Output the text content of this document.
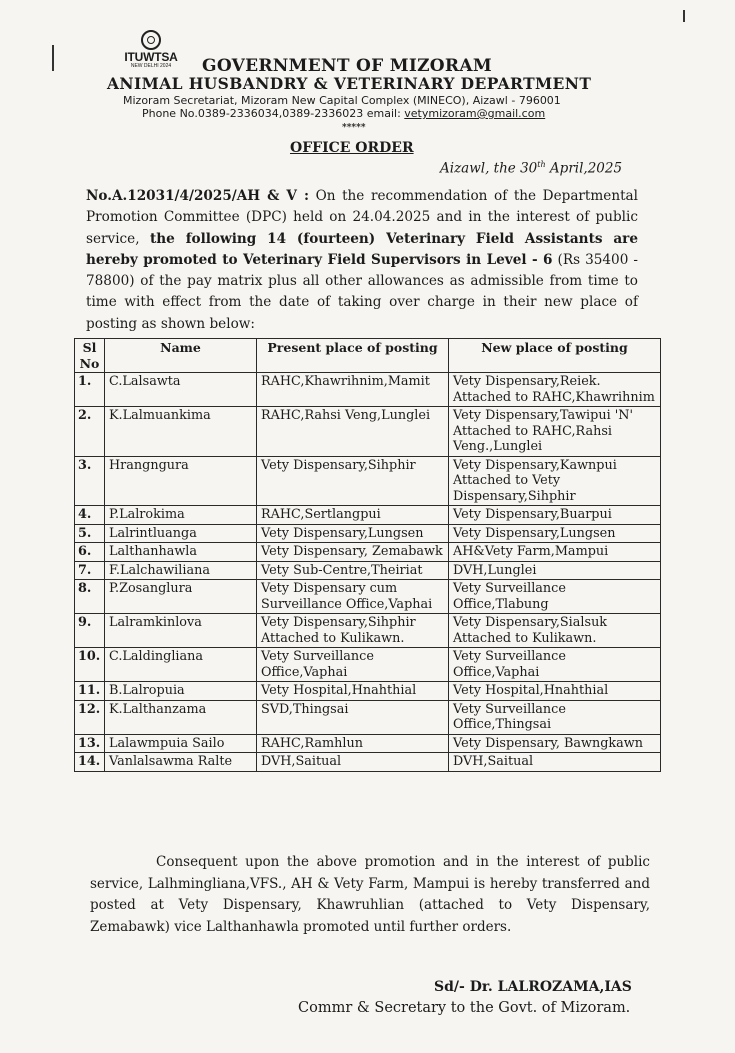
ITUWTSA
NEW DELHI 2024	GOVERNMENT OF MIZORAM
ANIMAL HUSBANDRY & VETERINARY DEPARTMENT
Mizoram Secretariat, Mizoram New Capital Complex (MINECO), Aizawl - 796001
Phone No.0389-2336034,0389-2336023 email: vetymizoram@gmail.com
*****
OFFICE ORDER
Aizawl, the 30th April,2025
No.A.12031/4/2025/AH & V : On the recommendation of the Departmental Promotion Committee (DPC) held on 24.04.2025 and in the interest of public service, the following 14 (fourteen) Veterinary Field Assistants are hereby promoted to Veterinary Field Supervisors in Level - 6 (Rs 35400 - 78800) of the pay matrix plus all other allowances as admissible from time to time with effect from the date of taking over charge in their new place of posting as shown below:
Sl No	Name	Present place of posting	New place of posting
1.	C.Lalsawta	RAHC,Khawrihnim,Mamit	Vety Dispensary,Reiek. Attached to RAHC,Khawrihnim
2.	K.Lalmuankima	RAHC,Rahsi Veng,Lunglei	Vety Dispensary,Tawipui 'N' Attached to RAHC,Rahsi Veng.,Lunglei
3.	Hrangngura	Vety Dispensary,Sihphir	Vety Dispensary,Kawnpui Attached to Vety Dispensary,Sihphir
4.	P.Lalrokima	RAHC,Sertlangpui	Vety Dispensary,Buarpui
5.	Lalrintluanga	Vety Dispensary,Lungsen	Vety Dispensary,Lungsen
6.	Lalthanhawla	Vety Dispensary, Zemabawk	AH&Vety Farm,Mampui
7.	F.Lalchawiliana	Vety Sub-Centre,Theiriat	DVH,Lunglei
8.	P.Zosanglura	Vety Dispensary cum Surveillance Office,Vaphai	Vety Surveillance Office,Tlabung
9.	Lalramkinlova	Vety Dispensary,Sihphir Attached to Kulikawn.	Vety Dispensary,Sialsuk Attached to Kulikawn.
10.	C.Laldingliana	Vety Surveillance Office,Vaphai	Vety Surveillance Office,Vaphai
11.	B.Lalropuia	Vety Hospital,Hnahthial	Vety Hospital,Hnahthial
12.	K.Lalthanzama	SVD,Thingsai	Vety Surveillance Office,Thingsai
13.	Lalawmpuia Sailo	RAHC,Ramhlun	Vety Dispensary, Bawngkawn
14.	Vanlalsawma Ralte	DVH,Saitual	DVH,Saitual
Consequent upon the above promotion and in the interest of public service, Lalhmingliana,VFS., AH & Vety Farm, Mampui is hereby transferred and posted at Vety Dispensary, Khawruhlian (attached to Vety Dispensary, Zemabawk) vice Lalthanhawla promoted until further orders.
Sd/- Dr. LALROZAMA,IAS
Commr & Secretary to the Govt. of Mizoram.
